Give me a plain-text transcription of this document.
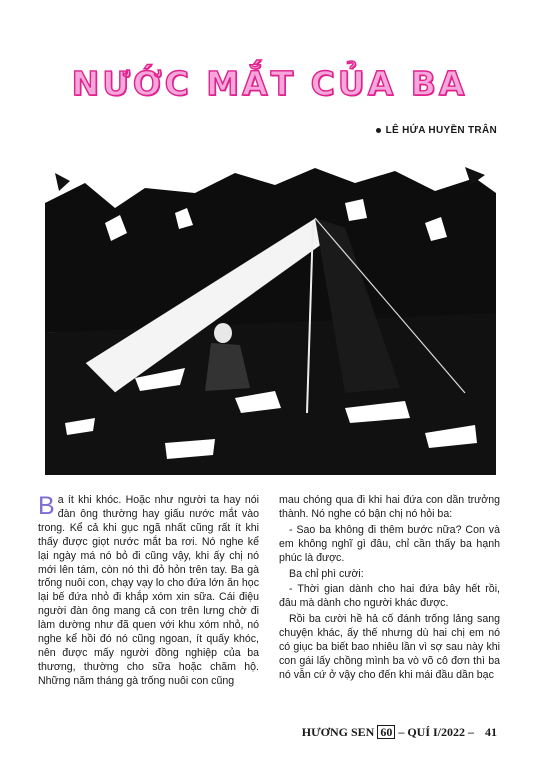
NƯỚC MẮT CỦA BA
LÊ HỨA HUYỀN TRÂN

Ba ít khi khóc. Hoặc như người ta hay nói đàn ông thường hay giấu nước mắt vào trong. Kể cả khi gục ngã nhất cũng rất ít khi thấy được giọt nước mắt ba rơi. Nó nghe kể lại ngày má nó bỏ đi cũng vậy, khi ấy chị nó mới lên tám, còn nó thì đỏ hỏn trên tay. Ba gà trống nuôi con, chạy vạy lo cho đứa lớn ăn học lại bế đứa nhỏ đi khắp xóm xin sữa. Cái điệu người đàn ông mang cả con trên lưng chờ đi làm dường như đã quen với khu xóm nhỏ, nó nghe kể hồi đó nó cũng ngoan, ít quấy khóc, nên được mấy người đồng nghiệp của ba thương, thường cho sữa hoặc chăm hộ. Những năm tháng gà trống nuôi con cũng

mau chóng qua đi khi hai đứa con dần trưởng thành. Nó nghe có bận chị nó hỏi ba:

- Sao ba không đi thêm bước nữa? Con và em không nghĩ gì đâu, chỉ cần thấy ba hạnh phúc là được.

Ba chỉ phì cười:

- Thời gian dành cho hai đứa bây hết rồi, đâu mà dành cho người khác được.

Rồi ba cười hề hả cố đánh trống lảng sang chuyện khác, ấy thế nhưng dù hai chị em nó có giục ba biết bao nhiêu lần vì sợ sau này khi con gái lấy chồng mình ba vò võ cô đơn thì ba nó vẫn cứ ở vậy cho đến khi mái đầu dần bạc

HƯƠNG SEN 60 – QUÍ I/2022 – 41
